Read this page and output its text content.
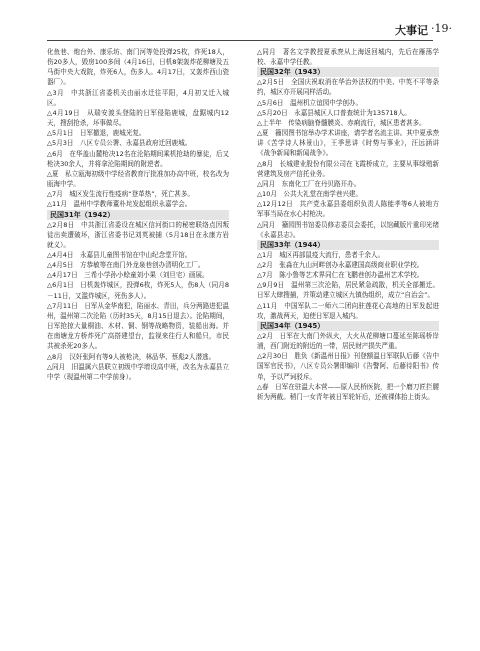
大事记 ·19·

化鱼巷、炮台外、康乐坊、南门河等处投弹25枚，炸死18人，伤20多人，毁房100多间（4月16日，日机8架轰炸花柳塘及五马街中央大戏院，炸死6人，伤多人。4月17日，又轰炸西山瓷器厂）。

△3月　中共浙江省委机关由丽水迁往平阳，4月初又迁入城区。

△4月19日　从瑞安渡头登陆的日军侵陷鹿城，盘踞城内12天，搜刮抢杀，坏事做尽。

△5月1日　日军撤退，鹿城光复。

△5月3日　八区专员公署、永嘉县政府迁回鹿城。

△6月　在华盖山麓枪决12名在沦陷期间乘机抢劫的暴徒，后又枪决30余人，并将拿沦陷期间的附逆者。

△夏　私立瓯海初级中学经省教育厅批准加办高中班，校名改为瓯海中学。

△7月　城区发生流行性疫病“登革热”，死亡甚多。

△11月　温州中学教师董朴垞发起组织永嘉学会。

民国31年（1942）

△2月8日　中共浙江省委设在城区信河街口的秘密联络点因叛徒出卖遭破坏，浙江省委书记刘英被捕（5月18日在永康方岩就义）。

△4月4日　永嘉县儿童图书馆在中山纪念堂开馆。

△4月5日　方恭敏等在南门外龙泉巷创办清明化工厂。

△4月17日　三希小学孙小赊童刘小果（刘旦宅）画展。

△6月1日　日机轰炸城区，投弹6枚，炸死5人，伤8人（同月8－11日，又滥炸城区，死伤多人）。

△7月11日　日军从金华南犯，陷丽水、青田，兵分两路进犯温州，温州第二次沦陷（历时35天，8月15日退去）。沦陷期间，日军抢掠大量桐油、木材、铜、钢等战略物资，装船出海。并在南塘龙方桥炸死广高搭建望台，监视来往行人和船只，市民共被杀死20多人。

△8月　汉奸张阿有等9人被枪决，林品华、蔡彪2人潜逃。

△同月　旧温属六县联立初级中学增设高中班，改名为永嘉县立中学（现温州第二中学前身）。

△同月　著名文学教授夏承焘从上海返回城内，先后在雁荡学校、永嘉中学任教。

民国32年（1943）

△2月5日　全国庆祝取消在华治外法权的中美、中英不平等条约，城区亦开展同样活动。

△5月6日　温州机立谊园中学创办。

△5月20日　永嘉县城区人口普查统计为135718人。

△上半年　传染病脑脊髓膜炎、赤痢流行，城区患者甚多。

△夏　籀园图书馆举办学术讲座，请学者名流主讲。其中夏承焘讲《苦学诗人林景山》，王季思讲《时势与事业》，汪远涵讲《战争新闻和新闻战争》。

△8月　长城建业股份有限公司在飞霞桥成立，主要从事绿殖新营建筑及房产信托业务。

△同月　东南化工厂在丹贝路开办。

△10月　公共大礼堂在南学巷兴建。

△12月12日　共产党永嘉县委组织负责人陈能孝等6人被地方军事当局在水心村枪决。

△同月　籀园图书馆委员修志委员会委托，以馆藏版片重印光绪《永嘉县志》。

民国33年（1944）

△1月　城区再部鼠疫大流行，患者千余人。

△2月　张淼在九山河畔创办永嘉建国高级商业职业学校。

△7月　陈小鲁等艺术界同仁在飞鹏巷创办温州艺术学校。

△9月9日　温州第三次沦陷，居民紧急疏散，机关全部搬迁。日军大肆搜捕，并策动建立城区九镇伪组织，成立“自治会”。

△11月　中国军队二一师六二团向驻莲花心高地的日军发起进攻，激战两天，迫使日军退入城内。

民国34年（1945）

△2月　日军在大南门外纵火，大火从花柳塘口蔓延至陈瑶桥岸浦，西门附近的附近的一带，居民财产损失严重。

△2月30日　胜负《新温州日报》刊登额温日军联队后藤《告中国军官民书》，八区专员公署即编印《告警阿、后藤待阳书》传单，予以严词驳斥。

△春　日军在驻温大本营——原人民桥医院，把一个磨刀匠拦腰斩为两截。稍门一女青年被日军轮奸后，还被裸体抬上街头。
